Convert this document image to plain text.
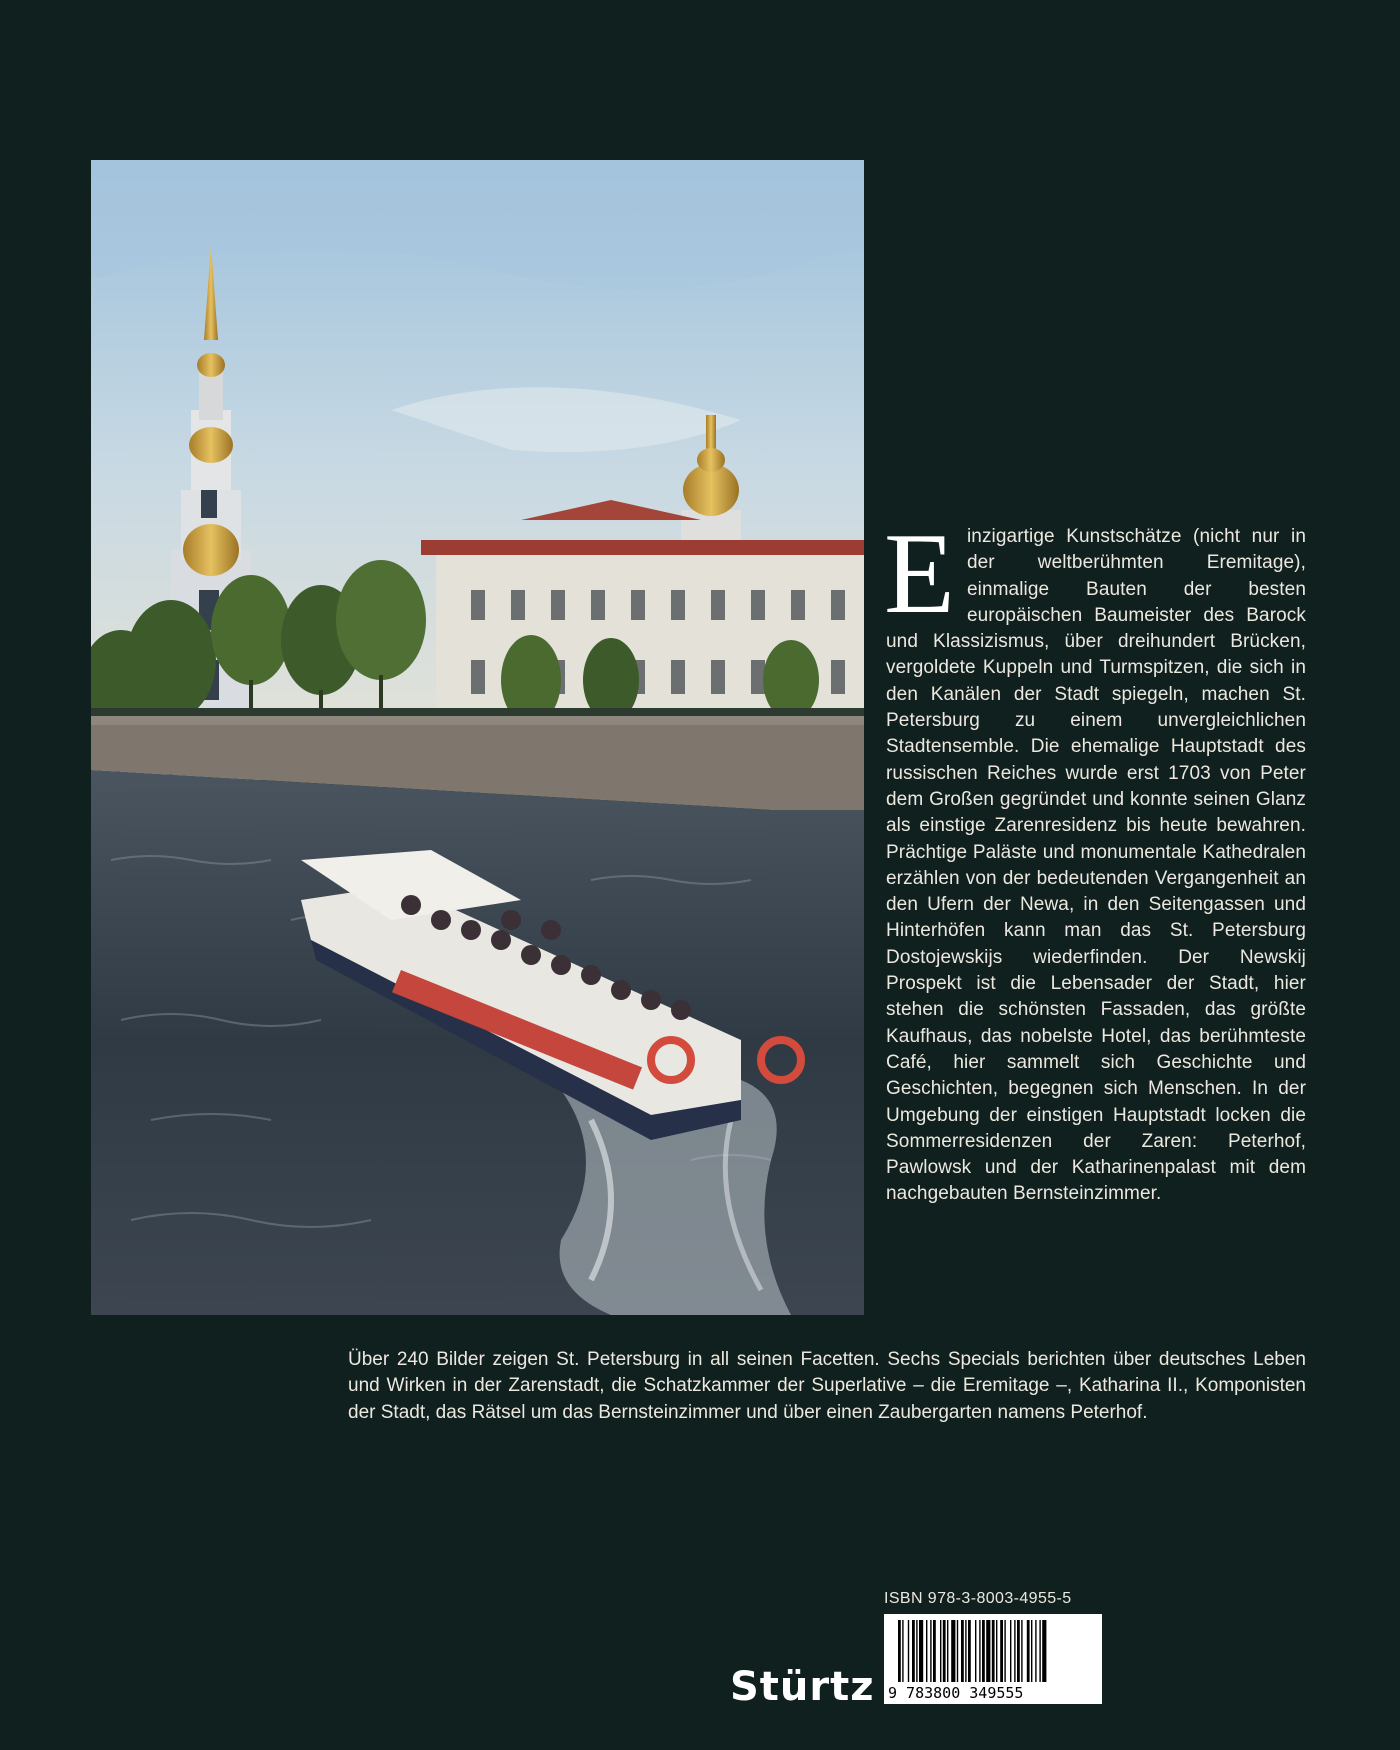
Einzigartige Kunstschätze (nicht nur in der weltberühmten Eremitage), einmalige Bauten der besten europäischen Baumeister des Barock und Klassizismus, über dreihundert Brücken, vergoldete Kuppeln und Turmspitzen, die sich in den Kanälen der Stadt spiegeln, machen St. Petersburg zu einem unvergleichlichen Stadtensemble. Die ehemalige Hauptstadt des russischen Reiches wurde erst 1703 von Peter dem Großen gegründet und konnte seinen Glanz als einstige Zarenresidenz bis heute bewahren. Prächtige Paläste und monumentale Kathedralen erzählen von der bedeutenden Vergangenheit an den Ufern der Newa, in den Seitengassen und Hinterhöfen kann man das St. Petersburg Dostojewskijs wiederfinden. Der Newskij Prospekt ist die Lebensader der Stadt, hier stehen die schönsten Fassaden, das größte Kaufhaus, das nobelste Hotel, das berühmteste Café, hier sammelt sich Geschichte und Geschichten, begegnen sich Menschen. In der Umgebung der einstigen Hauptstadt locken die Sommerresidenzen der Zaren: Peterhof, Pawlowsk und der Katharinenpalast mit dem nachgebauten Bernsteinzimmer.

Über 240 Bilder zeigen St. Petersburg in all seinen Facetten. Sechs Specials berichten über deutsches Leben und Wirken in der Zarenstadt, die Schatzkammer der Superlative – die Eremitage –, Katharina II., Komponisten der Stadt, das Rätsel um das Bernsteinzimmer und über einen Zaubergarten namens Peterhof.

ISBN 978-3-8003-4955-5
9 783800 349555
Stürtz
